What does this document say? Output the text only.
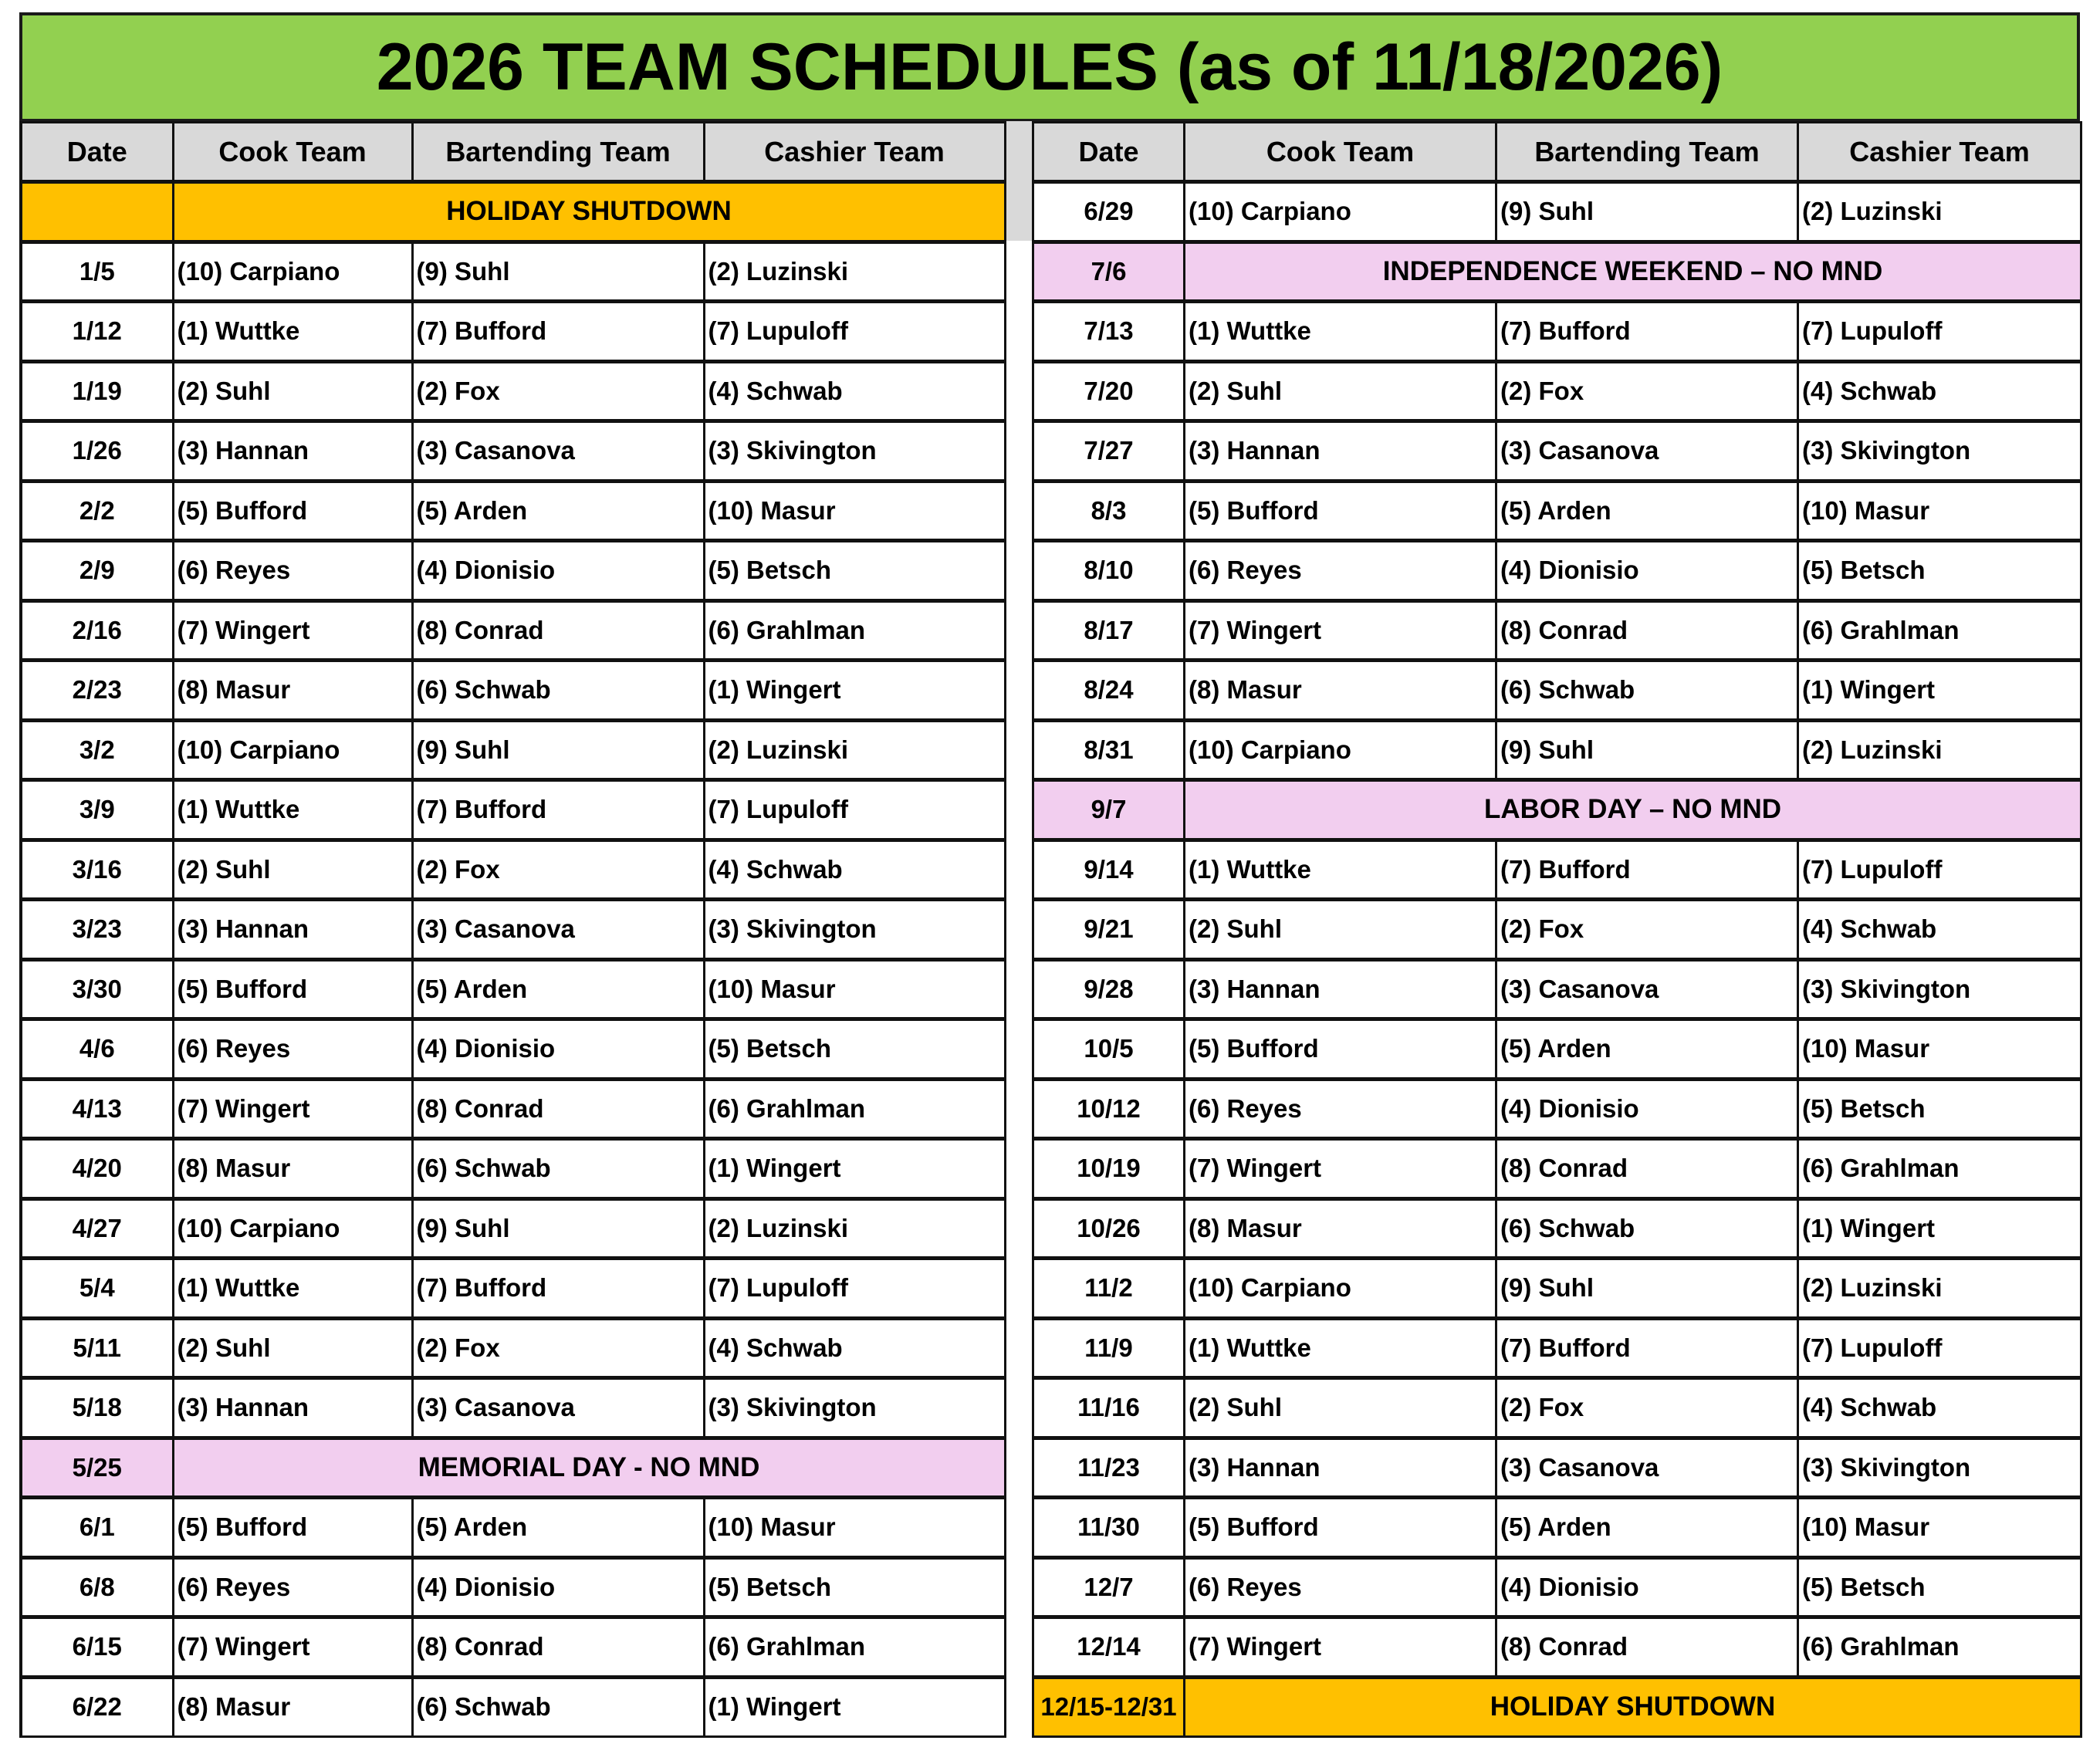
2026 TEAM SCHEDULES (as of 11/18/2026)
Date	Cook Team	Bartending Team	Cashier Team
	HOLIDAY SHUTDOWN		
1/5	(10) Carpiano	(9) Suhl	(2) Luzinski
1/12	(1) Wuttke	(7) Bufford	(7) Lupuloff
1/19	(2) Suhl	(2) Fox	(4) Schwab
1/26	(3) Hannan	(3) Casanova	(3) Skivington
2/2	(5) Bufford	(5) Arden	(10) Masur
2/9	(6) Reyes	(4) Dionisio	(5) Betsch
2/16	(7) Wingert	(8) Conrad	(6) Grahlman
2/23	(8) Masur	(6) Schwab	(1) Wingert
3/2	(10) Carpiano	(9) Suhl	(2) Luzinski
3/9	(1) Wuttke	(7) Bufford	(7) Lupuloff
3/16	(2) Suhl	(2) Fox	(4) Schwab
3/23	(3) Hannan	(3) Casanova	(3) Skivington
3/30	(5) Bufford	(5) Arden	(10) Masur
4/6	(6) Reyes	(4) Dionisio	(5) Betsch
4/13	(7) Wingert	(8) Conrad	(6) Grahlman
4/20	(8) Masur	(6) Schwab	(1) Wingert
4/27	(10) Carpiano	(9) Suhl	(2) Luzinski
5/4	(1) Wuttke	(7) Bufford	(7) Lupuloff
5/11	(2) Suhl	(2) Fox	(4) Schwab
5/18	(3) Hannan	(3) Casanova	(3) Skivington
5/25	MEMORIAL DAY - NO MND		
6/1	(5) Bufford	(5) Arden	(10) Masur
6/8	(6) Reyes	(4) Dionisio	(5) Betsch
6/15	(7) Wingert	(8) Conrad	(6) Grahlman
6/22	(8) Masur	(6) Schwab	(1) Wingert
Date	Cook Team	Bartending Team	Cashier Team
6/29	(10) Carpiano	(9) Suhl	(2) Luzinski
7/6	INDEPENDENCE WEEKEND – NO MND		
7/13	(1) Wuttke	(7) Bufford	(7) Lupuloff
7/20	(2) Suhl	(2) Fox	(4) Schwab
7/27	(3) Hannan	(3) Casanova	(3) Skivington
8/3	(5) Bufford	(5) Arden	(10) Masur
8/10	(6) Reyes	(4) Dionisio	(5) Betsch
8/17	(7) Wingert	(8) Conrad	(6) Grahlman
8/24	(8) Masur	(6) Schwab	(1) Wingert
8/31	(10) Carpiano	(9) Suhl	(2) Luzinski
9/7	LABOR DAY – NO MND		
9/14	(1) Wuttke	(7) Bufford	(7) Lupuloff
9/21	(2) Suhl	(2) Fox	(4) Schwab
9/28	(3) Hannan	(3) Casanova	(3) Skivington
10/5	(5) Bufford	(5) Arden	(10) Masur
10/12	(6) Reyes	(4) Dionisio	(5) Betsch
10/19	(7) Wingert	(8) Conrad	(6) Grahlman
10/26	(8) Masur	(6) Schwab	(1) Wingert
11/2	(10) Carpiano	(9) Suhl	(2) Luzinski
11/9	(1) Wuttke	(7) Bufford	(7) Lupuloff
11/16	(2) Suhl	(2) Fox	(4) Schwab
11/23	(3) Hannan	(3) Casanova	(3) Skivington
11/30	(5) Bufford	(5) Arden	(10) Masur
12/7	(6) Reyes	(4) Dionisio	(5) Betsch
12/14	(7) Wingert	(8) Conrad	(6) Grahlman
12/15-12/31	HOLIDAY SHUTDOWN		
